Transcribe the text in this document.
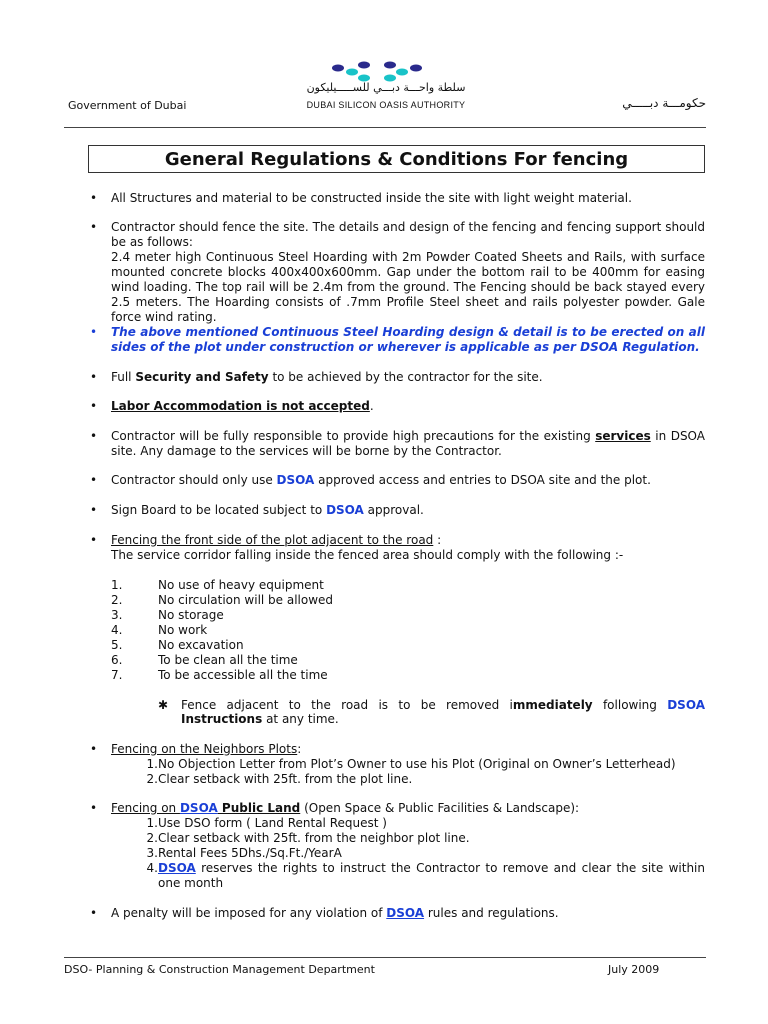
Government of Dubai	حكومـــة دبـــــي
سلطة واحـــة دبـــي للســـــيليكون
DUBAI SILICON OASIS AUTHORITY
General Regulations & Conditions For fencing
• All Structures and material to be constructed inside the site with light weight material.
• Contractor should fence the site. The details and design of the fencing and fencing support should be as follows:
2.4 meter high Continuous Steel Hoarding with 2m Powder Coated Sheets and Rails, with surface mounted concrete blocks 400x400x600mm. Gap under the bottom rail to be 400mm for easing wind loading. The top rail will be 2.4m from the ground. The Fencing should be back stayed every 2.5 meters. The Hoarding consists of .7mm Profile Steel sheet and rails polyester powder. Gale force wind rating.
• The above mentioned Continuous Steel Hoarding design & detail is to be erected on all sides of the plot under construction or wherever is applicable as per DSOA Regulation.
• Full Security and Safety to be achieved by the contractor for the site.
• Labor Accommodation is not accepted.
• Contractor will be fully responsible to provide high precautions for the existing services in DSOA site. Any damage to the services will be borne by the Contractor.
• Contractor should only use DSOA approved access and entries to DSOA site and the plot.
• Sign Board to be located subject to DSOA approval.
• Fencing the front side of the plot adjacent to the road :
The service corridor falling inside the fenced area should comply with the following :-
1.	No use of heavy equipment
2.	No circulation will be allowed
3.	No storage
4.	No work
5.	No excavation
6.	To be clean all the time
7.	To be accessible all the time
✱ Fence adjacent to the road is to be removed immediately following DSOA
Instructions at any time.
• Fencing on the Neighbors Plots:
1. No Objection Letter from Plot’s Owner to use his Plot (Original on Owner’s Letterhead)
2. Clear setback with 25ft. from the plot line.
• Fencing on DSOA Public Land (Open Space & Public Facilities & Landscape):
1. Use DSO form ( Land Rental Request )
2. Clear setback with 25ft. from the neighbor plot line.
3. Rental Fees 5Dhs./Sq.Ft./YearA
4. DSOA reserves the rights to instruct the Contractor to remove and clear the site within one month
• A penalty will be imposed for any violation of DSOA rules and regulations.
DSO- Planning & Construction Management Department	July 2009
